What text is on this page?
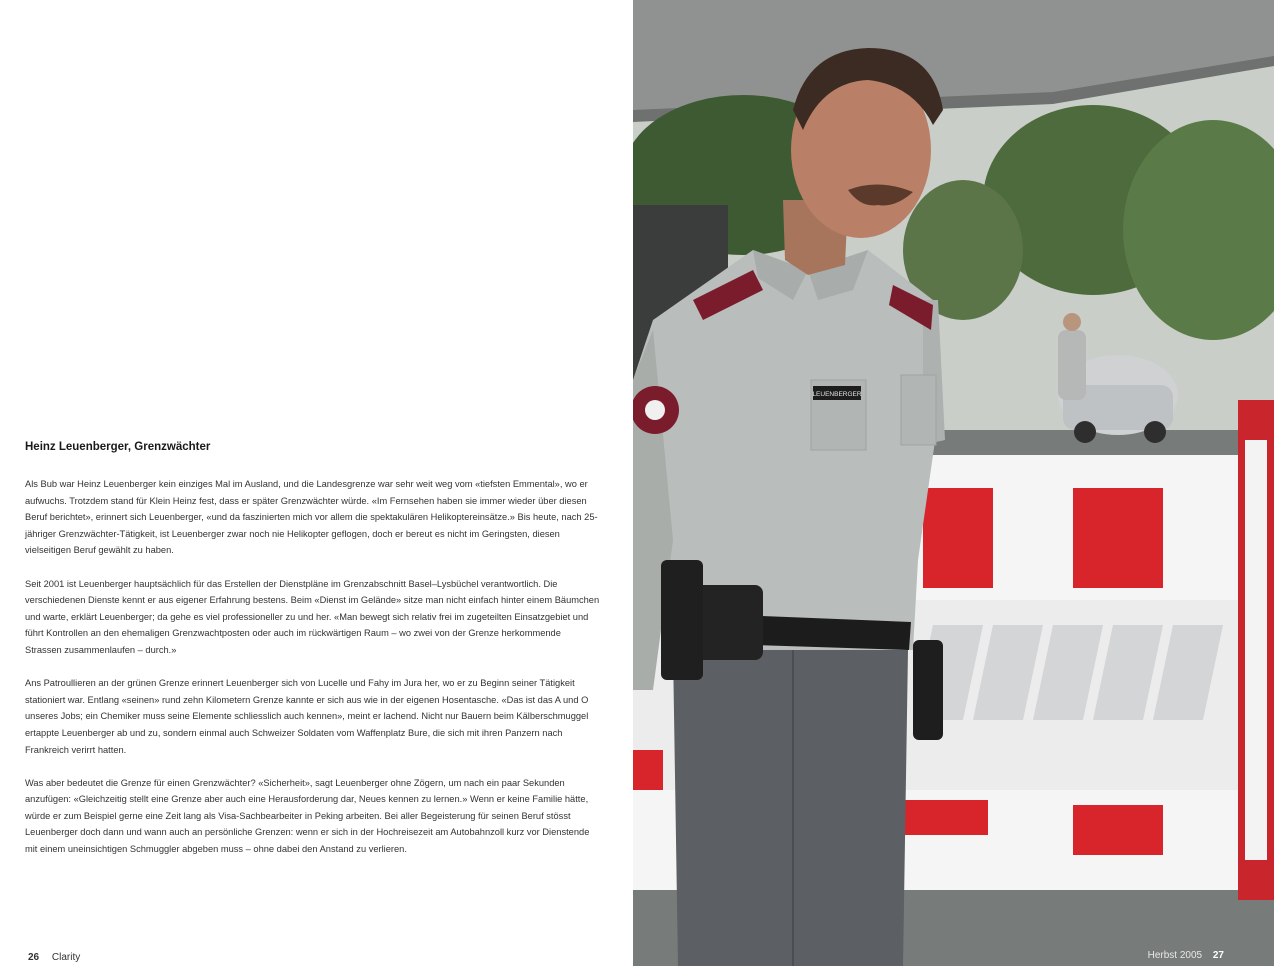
Heinz Leuenberger, Grenzwächter

Als Bub war Heinz Leuenberger kein einziges Mal im Ausland, und die Landesgrenze war sehr weit weg vom «tiefsten Emmental», wo er aufwuchs. Trotzdem stand für Klein Heinz fest, dass er später Grenzwächter würde. «Im Fernsehen haben sie immer wieder über diesen Beruf berichtet», erinnert sich Leuenberger, «und da faszinierten mich vor allem die spektakulären Helikoptereinsätze.» Bis heute, nach 25-jähriger Grenzwächter-Tätigkeit, ist Leuenberger zwar noch nie Helikopter geflogen, doch er bereut es nicht im Geringsten, diesen vielseitigen Beruf gewählt zu haben.

Seit 2001 ist Leuenberger hauptsächlich für das Erstellen der Dienstpläne im Grenzabschnitt Basel–Lysbüchel verantwortlich. Die verschiedenen Dienste kennt er aus eigener Erfahrung bestens. Beim «Dienst im Gelände» sitze man nicht einfach hinter einem Bäumchen und warte, erklärt Leuenberger; da gehe es viel professioneller zu und her. «Man bewegt sich relativ frei im zugeteilten Einsatzgebiet und führt Kontrollen an den ehemaligen Grenzwachtposten oder auch im rückwärtigen Raum – wo zwei von der Grenze herkommende Strassen zusammenlaufen – durch.»

Ans Patroullieren an der grünen Grenze erinnert Leuenberger sich von Lucelle und Fahy im Jura her, wo er zu Beginn seiner Tätigkeit stationiert war. Entlang «seinen» rund zehn Kilometern Grenze kannte er sich aus wie in der eigenen Hosentasche. «Das ist das A und O unseres Jobs; ein Chemiker muss seine Elemente schliesslich auch kennen», meint er lachend. Nicht nur Bauern beim Kälberschmuggel ertappte Leuenberger ab und zu, sondern einmal auch Schweizer Soldaten vom Waffenplatz Bure, die sich mit ihren Panzern nach Frankreich verirrt hatten.

Was aber bedeutet die Grenze für einen Grenzwächter? «Sicherheit», sagt Leuenberger ohne Zögern, um nach ein paar Sekunden anzufügen: «Gleichzeitig stellt eine Grenze aber auch eine Herausforderung dar, Neues kennen zu lernen.» Wenn er keine Familie hätte, würde er zum Beispiel gerne eine Zeit lang als Visa-Sachbearbeiter in Peking arbeiten. Bei aller Begeisterung für seinen Beruf stösst Leuenberger doch dann und wann auch an persönliche Grenzen: wenn er sich in der Hochreisezeit am Autobahnzoll kurz vor Dienstende mit einem uneinsichtigen Schmuggler abgeben muss – ohne dabei den Anstand zu verlieren.

26 Clarity
LEUENBERGER
Herbst 2005 27
